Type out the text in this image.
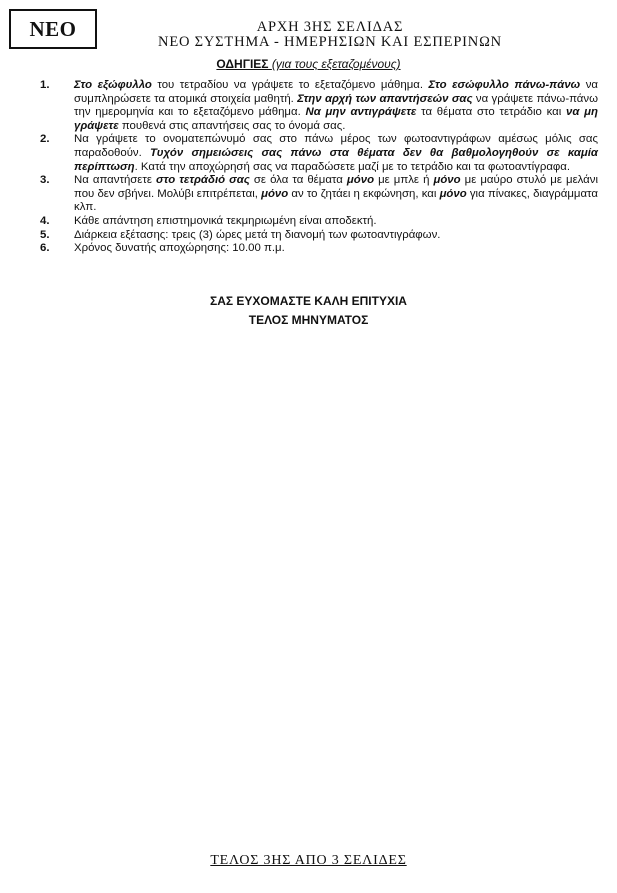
ΝΕΟ	ΑΡΧΗ 3ΗΣ ΣΕΛΙΔΑΣ
ΝΕΟ ΣΥΣΤΗΜΑ - ΗΜΕΡΗΣΙΩΝ ΚΑΙ ΕΣΠΕΡΙΝΩΝ
ΟΔΗΓΙΕΣ (για τους εξεταζομένους)
1. Στο εξώφυλλο του τετραδίου να γράψετε το εξεταζόμενο μάθημα. Στο εσώφυλλο πάνω-πάνω να συμπληρώσετε τα ατομικά στοιχεία μαθητή. Στην αρχή των απαντήσεών σας να γράψετε πάνω-πάνω την ημερομηνία και το εξεταζόμενο μάθημα. Να μην αντιγράψετε τα θέματα στο τετράδιο και να μη γράψετε πουθενά στις απαντήσεις σας το όνομά σας.
2. Να γράψετε το ονοματεπώνυμό σας στο πάνω μέρος των φωτοαντιγράφων αμέσως μόλις σας παραδοθούν. Τυχόν σημειώσεις σας πάνω στα θέματα δεν θα βαθμολογηθούν σε καμία περίπτωση. Κατά την αποχώρησή σας να παραδώσετε μαζί με το τετράδιο και τα φωτοαντίγραφα.
3. Να απαντήσετε στο τετράδιό σας σε όλα τα θέματα μόνο με μπλε ή μόνο με μαύρο στυλό με μελάνι που δεν σβήνει. Μολύβι επιτρέπεται, μόνο αν το ζητάει η εκφώνηση, και μόνο για πίνακες, διαγράμματα κλπ.
4. Κάθε απάντηση επιστημονικά τεκμηριωμένη είναι αποδεκτή.
5. Διάρκεια εξέτασης: τρεις (3) ώρες μετά τη διανομή των φωτοαντιγράφων.
6. Χρόνος δυνατής αποχώρησης: 10.00 π.μ.
ΣΑΣ ΕΥΧΟΜΑΣΤΕ ΚΑΛΗ ΕΠΙΤΥΧΙΑ
ΤΕΛΟΣ ΜΗΝΥΜΑΤΟΣ
ΤΕΛΟΣ 3ΗΣ ΑΠΟ 3 ΣΕΛΙΔΕΣ
